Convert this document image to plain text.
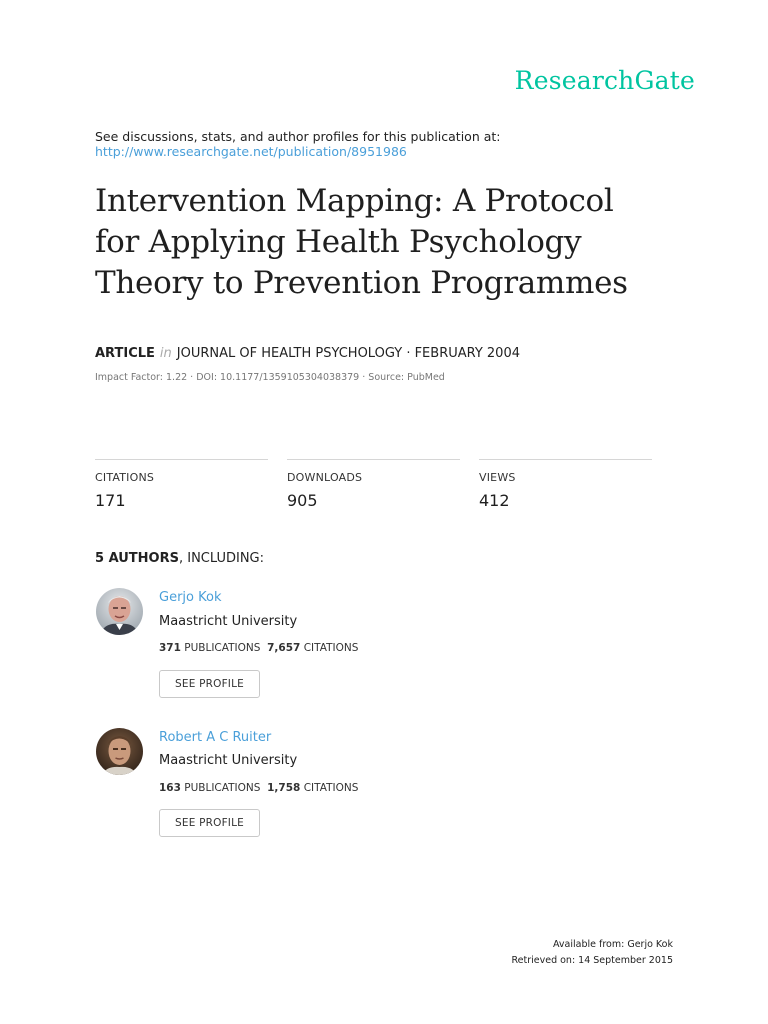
ResearchGate
See discussions, stats, and author profiles for this publication at:
http://www.researchgate.net/publication/8951986
Intervention Mapping: A Protocol
for Applying Health Psychology
Theory to Prevention Programmes
ARTICLE in JOURNAL OF HEALTH PSYCHOLOGY · FEBRUARY 2004
Impact Factor: 1.22 · DOI: 10.1177/1359105304038379 · Source: PubMed
CITATIONS
171
DOWNLOADS
905
VIEWS
412
5 AUTHORS, INCLUDING:
Gerjo Kok
Maastricht University
371 PUBLICATIONS 7,657 CITATIONS
SEE PROFILE
Robert A C Ruiter
Maastricht University
163 PUBLICATIONS 1,758 CITATIONS
SEE PROFILE
Available from: Gerjo Kok
Retrieved on: 14 September 2015
